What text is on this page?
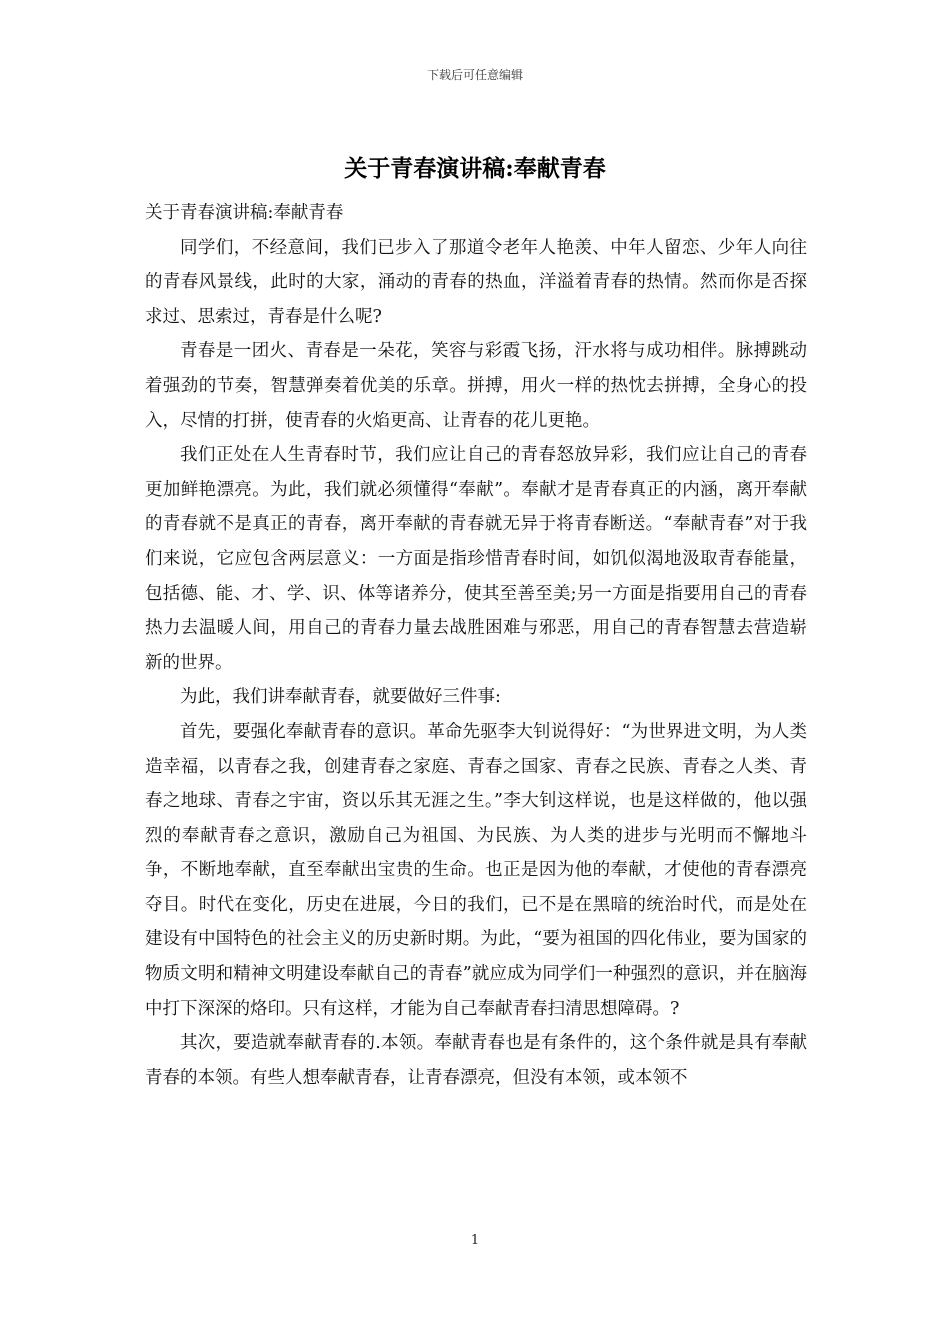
下载后可任意编辑
关于青春演讲稿:奉献青春

关于青春演讲稿:奉献青春

同学们，不经意间，我们已步入了那道令老年人艳羡、中年人留恋、少年人向往的青春风景线，此时的大家，涌动的青春的热血，洋溢着青春的热情。然而你是否探求过、思索过，青春是什么呢?

青春是一团火、青春是一朵花，笑容与彩霞飞扬，汗水将与成功相伴。脉搏跳动着强劲的节奏，智慧弹奏着优美的乐章。拼搏，用火一样的热忱去拼搏，全身心的投入，尽情的打拼，使青春的火焰更高、让青春的花儿更艳。

我们正处在人生青春时节，我们应让自己的青春怒放异彩，我们应让自己的青春更加鲜艳漂亮。为此，我们就必须懂得“奉献”。奉献才是青春真正的内涵，离开奉献的青春就不是真正的青春，离开奉献的青春就无异于将青春断送。“奉献青春”对于我们来说，它应包含两层意义：一方面是指珍惜青春时间，如饥似渴地汲取青春能量，包括德、能、才、学、识、体等诸养分，使其至善至美;另一方面是指要用自己的青春热力去温暖人间，用自己的青春力量去战胜困难与邪恶，用自己的青春智慧去营造崭新的世界。

为此，我们讲奉献青春，就要做好三件事:

首先，要强化奉献青春的意识。革命先驱李大钊说得好：“为世界进文明，为人类造幸福，以青春之我，创建青春之家庭、青春之国家、青春之民族、青春之人类、青春之地球、青春之宇宙，资以乐其无涯之生。”李大钊这样说，也是这样做的，他以强烈的奉献青春之意识，激励自己为祖国、为民族、为人类的进步与光明而不懈地斗争，不断地奉献，直至奉献出宝贵的生命。也正是因为他的奉献，才使他的青春漂亮夺目。时代在变化，历史在进展，今日的我们，已不是在黑暗的统治时代，而是处在建设有中国特色的社会主义的历史新时期。为此，“要为祖国的四化伟业，要为国家的物质文明和精神文明建设奉献自己的青春”就应成为同学们一种强烈的意识，并在脑海中打下深深的烙印。只有这样，才能为自己奉献青春扫清思想障碍。?

其次，要造就奉献青春的.本领。奉献青春也是有条件的，这个条件就是具有奉献青春的本领。有些人想奉献青春，让青春漂亮，但没有本领，或本领不

1
